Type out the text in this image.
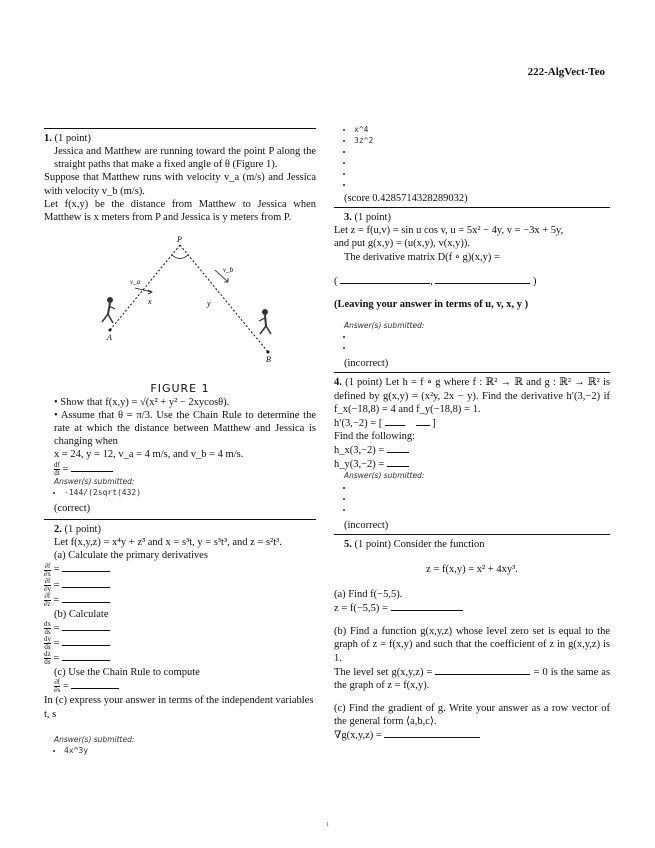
222-AlgVect-Teo
1. (1 point)
Jessica and Matthew are running toward the point P along the straight paths that make a fixed angle of θ (Figure 1).
Suppose that Matthew runs with velocity v_a (m/s) and Jessica with velocity v_b (m/s).
Let f(x,y) be the distance from Matthew to Jessica when Matthew is x meters from P and Jessica is y meters from P.
P
A
B
x	y
v_a
v_b
FIGURE 1
• Show that f(x,y) = √(x² + y² − 2xycosθ).
• Assume that θ = π/3. Use the Chain Rule to determine the rate at which the distance between Matthew and Jessica is changing when
x = 24, y = 12, v_a = 4 m/s, and v_b = 4 m/s.
$\frac{df}{dt}$ =
Answer(s) submitted:
• -144/(2sqrt(432)
(correct)
2. (1 point)
Let f(x,y,z) = x⁴y + z³ and x = s³t, y = s³t³, and z = s²t³.
(a) Calculate the primary derivatives
$\frac{\partial f}{\partial x}$ =
$\frac{\partial f}{\partial y}$ =
$\frac{\partial f}{\partial z}$ =
(b) Calculate
$\frac{dx}{ds}$ =
$\frac{dy}{ds}$ =
$\frac{dz}{ds}$ =
(c) Use the Chain Rule to compute
$\frac{\partial f}{\partial s}$ =
In (c) express your answer in terms of the independent variables t, s
Answer(s) submitted:
• 4x^3y
• x^4
• 3z^2
•
•
•
•
(score 0.4285714328289032)
3. (1 point)
Let z = f(u,v) = sin u cos v, u = 5x² − 4y, v = −3x + 5y,
and put g(x,y) = (u(x,y), v(x,y)).
The derivative matrix D(f ∘ g)(x,y) =
(	,	)
(Leaving your answer in terms of u, v, x, y )
Answer(s) submitted:
•
•
(incorrect)
4. (1 point) Let h = f ∘ g where f : ℝ² → ℝ and g : ℝ² → ℝ² is defined by g(x,y) = (x²y, 2x − y). Find the derivative h′(3,−2) if f_x(−18,8) = 4 and f_y(−18,8) = 1.
h′(3,−2) = [	]
Find the following:
h_x(3,−2) =
h_y(3,−2) =
Answer(s) submitted:
•
•
•
(incorrect)
5. (1 point) Consider the function
z = f(x,y) = x² + 4xy³.
(a) Find f(−5,5).
z = f(−5,5) =
(b) Find a function g(x,y,z) whose level zero set is equal to the graph of z = f(x,y) and such that the coefficient of z in g(x,y,z) is 1.
The level set g(x,y,z) =	= 0 is the same as the graph of z = f(x,y).
(c) Find the gradient of g. Write your answer as a row vector of the general form ⟨a,b,c⟩.
∇g(x,y,z) =
1
